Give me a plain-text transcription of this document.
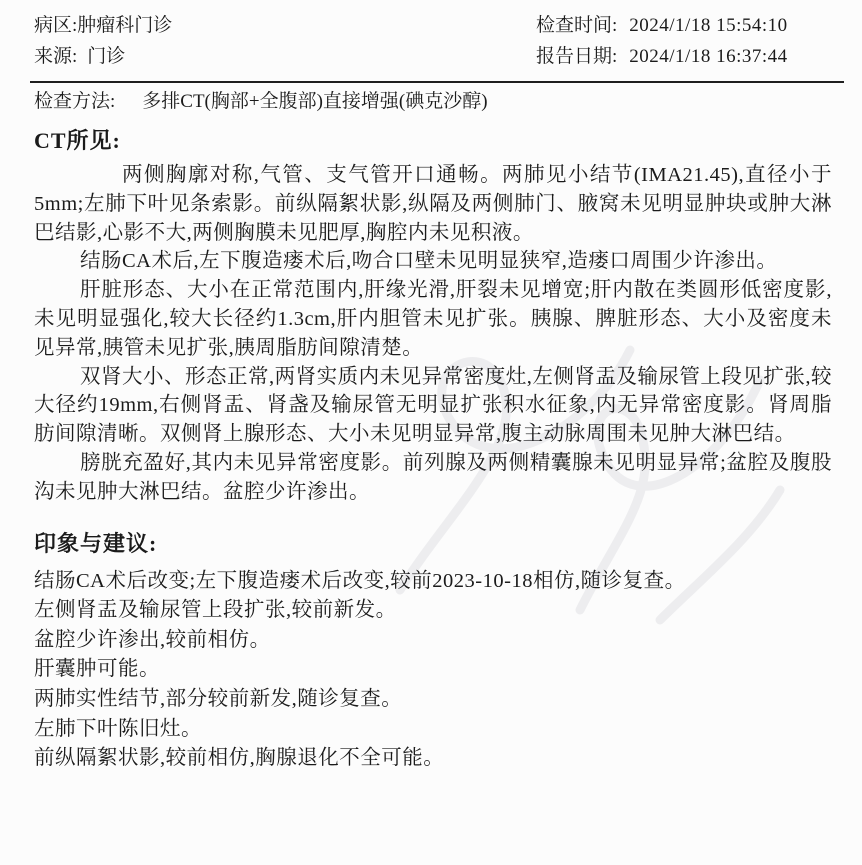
病区: 肿瘤科门诊	检查时间: 2024/1/18 15:54:10
来源: 门诊	报告日期: 2024/1/18 16:37:44
检查方法: 多排CT(胸部+全腹部)直接增强(碘克沙醇)
CT所见:

两侧胸廓对称,气管、支气管开口通畅。两肺见小结节(IMA21.45),直径小于5mm;左肺下叶见条索影。前纵隔絮状影,纵隔及两侧肺门、腋窝未见明显肿块或肿大淋巴结影,心影不大,两侧胸膜未见肥厚,胸腔内未见积液。

结肠CA术后,左下腹造瘘术后,吻合口壁未见明显狭窄,造瘘口周围少许渗出。

肝脏形态、大小在正常范围内,肝缘光滑,肝裂未见增宽;肝内散在类圆形低密度影,未见明显强化,较大长径约1.3cm,肝内胆管未见扩张。胰腺、脾脏形态、大小及密度未见异常,胰管未见扩张,胰周脂肪间隙清楚。

双肾大小、形态正常,两肾实质内未见异常密度灶,左侧肾盂及输尿管上段见扩张,较大径约19mm,右侧肾盂、肾盏及输尿管无明显扩张积水征象,内无异常密度影。肾周脂肪间隙清晰。双侧肾上腺形态、大小未见明显异常,腹主动脉周围未见肿大淋巴结。

膀胱充盈好,其内未见异常密度影。前列腺及两侧精囊腺未见明显异常;盆腔及腹股沟未见肿大淋巴结。盆腔少许渗出。

印象与建议:

结肠CA术后改变;左下腹造瘘术后改变,较前2023-10-18相仿,随诊复查。

左侧肾盂及输尿管上段扩张,较前新发。

盆腔少许渗出,较前相仿。

肝囊肿可能。

两肺实性结节,部分较前新发,随诊复查。

左肺下叶陈旧灶。

前纵隔絮状影,较前相仿,胸腺退化不全可能。
